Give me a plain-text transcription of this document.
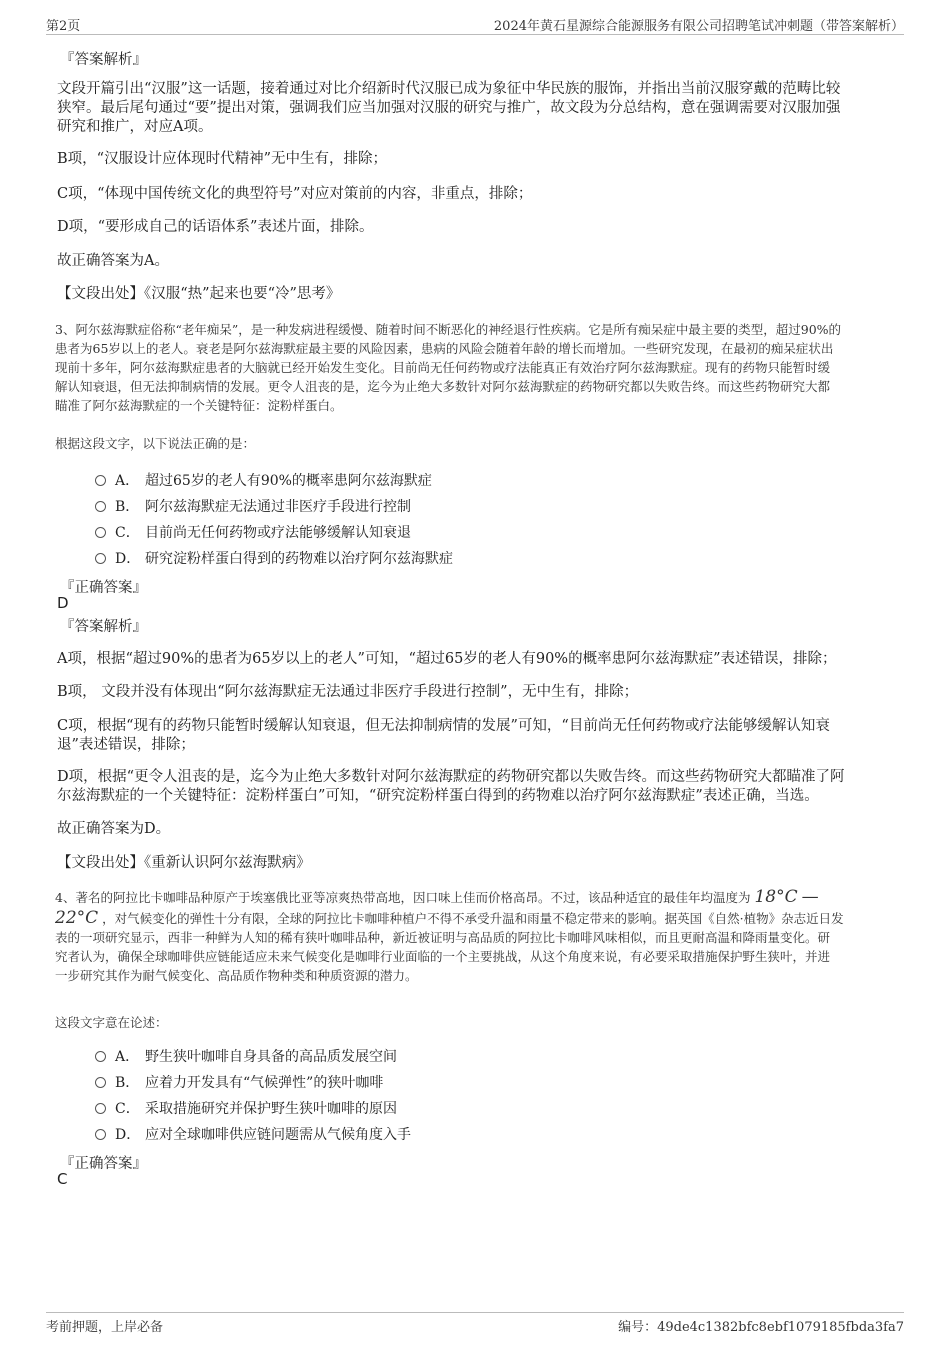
第2页	2024年黄石星源综合能源服务有限公司招聘笔试冲刺题（带答案解析）
『答案解析』
文段开篇引出“汉服”这一话题，接着通过对比介绍新时代汉服已成为象征中华民族的服饰，并指出当前汉服穿戴的范畴比较
狭窄。最后尾句通过“要”提出对策，强调我们应当加强对汉服的研究与推广，故文段为分总结构，意在强调需要对汉服加强
研究和推广，对应A项。
B项，“汉服设计应体现时代精神”无中生有，排除；
C项，“体现中国传统文化的典型符号”对应对策前的内容，非重点，排除；
D项，“要形成自己的话语体系”表述片面，排除。
故正确答案为A。
【文段出处】《汉服“热”起来也要“冷”思考》
3、阿尔兹海默症俗称“老年痴呆”，是一种发病进程缓慢、随着时间不断恶化的神经退行性疾病。它是所有痴呆症中最主要的类型，超过90%的
患者为65岁以上的老人。衰老是阿尔兹海默症最主要的风险因素，患病的风险会随着年龄的增长而增加。一些研究发现，在最初的痴呆症状出
现前十多年，阿尔兹海默症患者的大脑就已经开始发生变化。目前尚无任何药物或疗法能真正有效治疗阿尔兹海默症。现有的药物只能暂时缓
解认知衰退，但无法抑制病情的发展。更令人沮丧的是，迄今为止绝大多数针对阿尔兹海默症的药物研究都以失败告终。而这些药物研究大都
瞄准了阿尔兹海默症的一个关键特征：淀粉样蛋白。
根据这段文字，以下说法正确的是：
A． 超过65岁的老人有90%的概率患阿尔兹海默症
B． 阿尔兹海默症无法通过非医疗手段进行控制
C． 目前尚无任何药物或疗法能够缓解认知衰退
D． 研究淀粉样蛋白得到的药物难以治疗阿尔兹海默症
『正确答案』
D
『答案解析』
A项，根据“超过90%的患者为65岁以上的老人”可知，“超过65岁的老人有90%的概率患阿尔兹海默症”表述错误，排除；
B项， 文段并没有体现出“阿尔兹海默症无法通过非医疗手段进行控制”，无中生有，排除；
C项，根据“现有的药物只能暂时缓解认知衰退，但无法抑制病情的发展”可知，“目前尚无任何药物或疗法能够缓解认知衰
退”表述错误，排除；
D项，根据“更令人沮丧的是，迄今为止绝大多数针对阿尔兹海默症的药物研究都以失败告终。而这些药物研究大都瞄准了阿
尔兹海默症的一个关键特征：淀粉样蛋白”可知，“研究淀粉样蛋白得到的药物难以治疗阿尔兹海默症”表述正确，当选。
故正确答案为D。
【文段出处】《重新认识阿尔兹海默病》
4、著名的阿拉比卡咖啡品种原产于埃塞俄比亚等凉爽热带高地，因口味上佳而价格高昂。不过，该品种适宜的最佳年均温度为 18°C —
22°C ，对气候变化的弹性十分有限，全球的阿拉比卡咖啡种植户不得不承受升温和雨量不稳定带来的影响。据英国《自然·植物》杂志近日发
表的一项研究显示，西非一种鲜为人知的稀有狭叶咖啡品种，新近被证明与高品质的阿拉比卡咖啡风味相似，而且更耐高温和降雨量变化。研
究者认为，确保全球咖啡供应链能适应未来气候变化是咖啡行业面临的一个主要挑战，从这个角度来说，有必要采取措施保护野生狭叶，并进
一步研究其作为耐气候变化、高品质作物种类和种质资源的潜力。
这段文字意在论述：
A． 野生狭叶咖啡自身具备的高品质发展空间
B． 应着力开发具有“气候弹性”的狭叶咖啡
C． 采取措施研究并保护野生狭叶咖啡的原因
D． 应对全球咖啡供应链问题需从气候角度入手
『正确答案』
C
考前押题，上岸必备	编号：49de4c1382bfc8ebf1079185fbda3fa7
